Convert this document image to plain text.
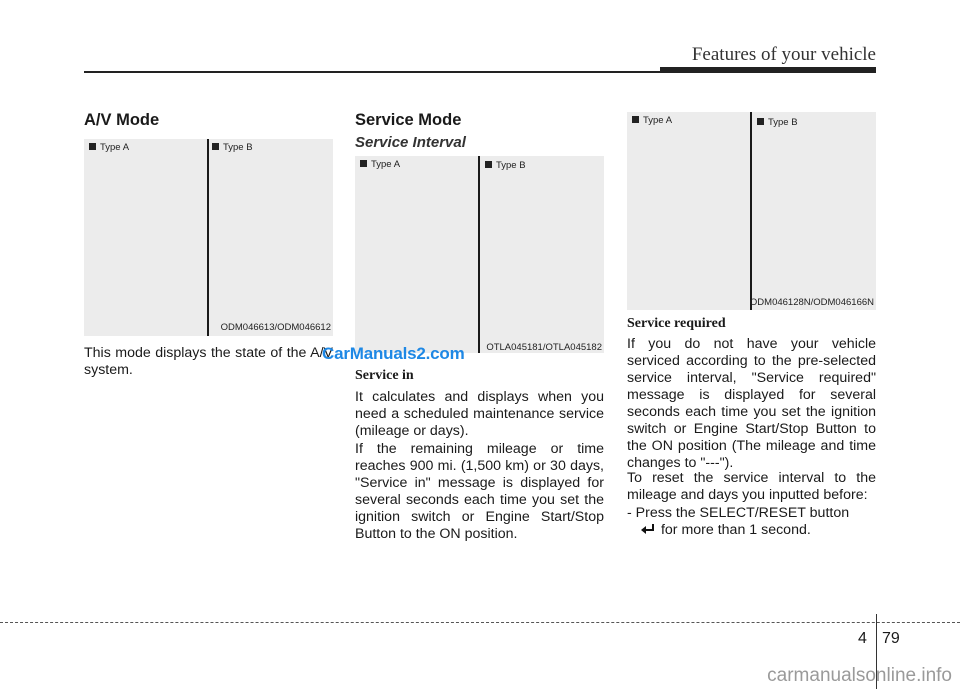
Features of your vehicle
A/V Mode
Type A	Type B
ODM046613/ODM046612
This mode displays the state of the A/V system.
Service Mode
Service Interval
Type A	Type B
OTLA045181/OTLA045182
Service in
It calculates and displays when you need a scheduled maintenance service (mileage or days).
If the remaining mileage or time reaches 900 mi. (1,500 km) or 30 days, "Service in" message is displayed for several seconds each time you set the ignition switch or Engine Start/Stop Button to the ON position.
Type A	Type B
ODM046128N/ODM046166N
Service required
If you do not have your vehicle serviced according to the pre-selected service interval, "Service required" message is displayed for several seconds each time you set the ignition switch or Engine Start/Stop Button to the ON position (The mileage and time changes to "---").
To reset the service interval to the mileage and days you inputted before:
- Press the SELECT/RESET button
for more than 1 second.
CarManuals2.com
4 79
carmanualsonline.info
